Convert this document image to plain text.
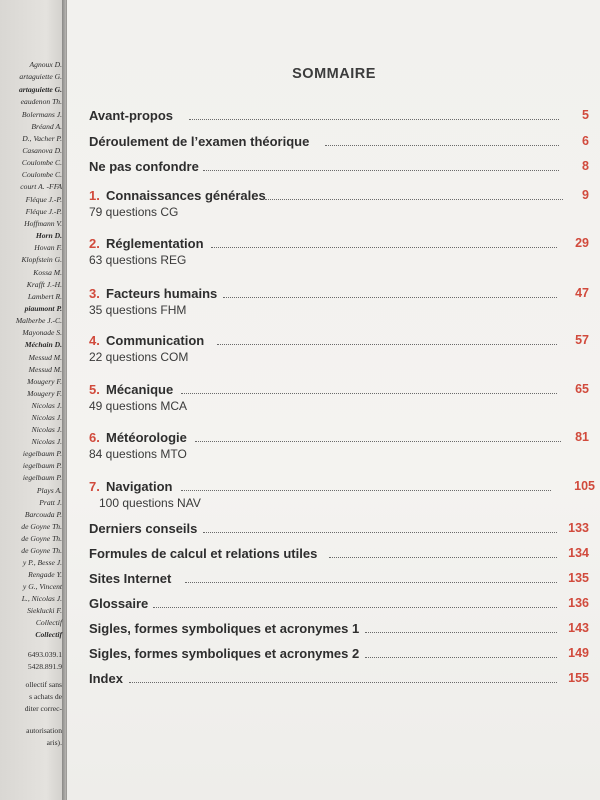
Agnoux D.
artaguiette G.
artaguiette G.
eaudenon Th.
Bolermans J.
Bréand A.
D., Vacher P.
Casanova D.
Coulombe C.
Coulombe C.
court A. -FFA
Fléque J.-P.
Fléque J.-P.
Hoffmann V.
Horn D.
Hovan F.
Klopfstein G.
Kossa M.
Krafft J.-H.
Lambert R.
piaumont P.
Malberbe J.-C.
Mayonade S.
Méchain D.
Messud M.
Messud M.
Mougery F.
Mougery F.
Nicolas J.
Nicolas J.
Nicolas J.
Nicolas J.
iegelbaum P.
iegelbaum P.
iegelbaum P.
Plays A.
Pratt J.
Barcouda P.
de Goyne Th.
de Goyne Th.
de Goyne Th.
y P., Besse J.
Rengade Y.
y G., Vincent
L., Nicolas J.
Sieklucki F.
Collectif
Collectif
6493.039.1
5428.891.9
ollectif sans
s achats de
diter correc-
autorisation
aris).
SOMMAIRE
Avant-propos	5
Déroulement de l’examen théorique	6
Ne pas confondre	8
1. Connaissances générales	9
79 questions CG
2. Réglementation	29
63 questions REG
3. Facteurs humains	47
35 questions FHM
4. Communication	57
22 questions COM
5. Mécanique	65
49 questions MCA
6. Météorologie	81
84 questions MTO
7. Navigation	105
100 questions NAV
Derniers conseils	133
Formules de calcul et relations utiles	134
Sites Internet	135
Glossaire	136
Sigles, formes symboliques et acronymes 1	143
Sigles, formes symboliques et acronymes 2	149
Index	155
